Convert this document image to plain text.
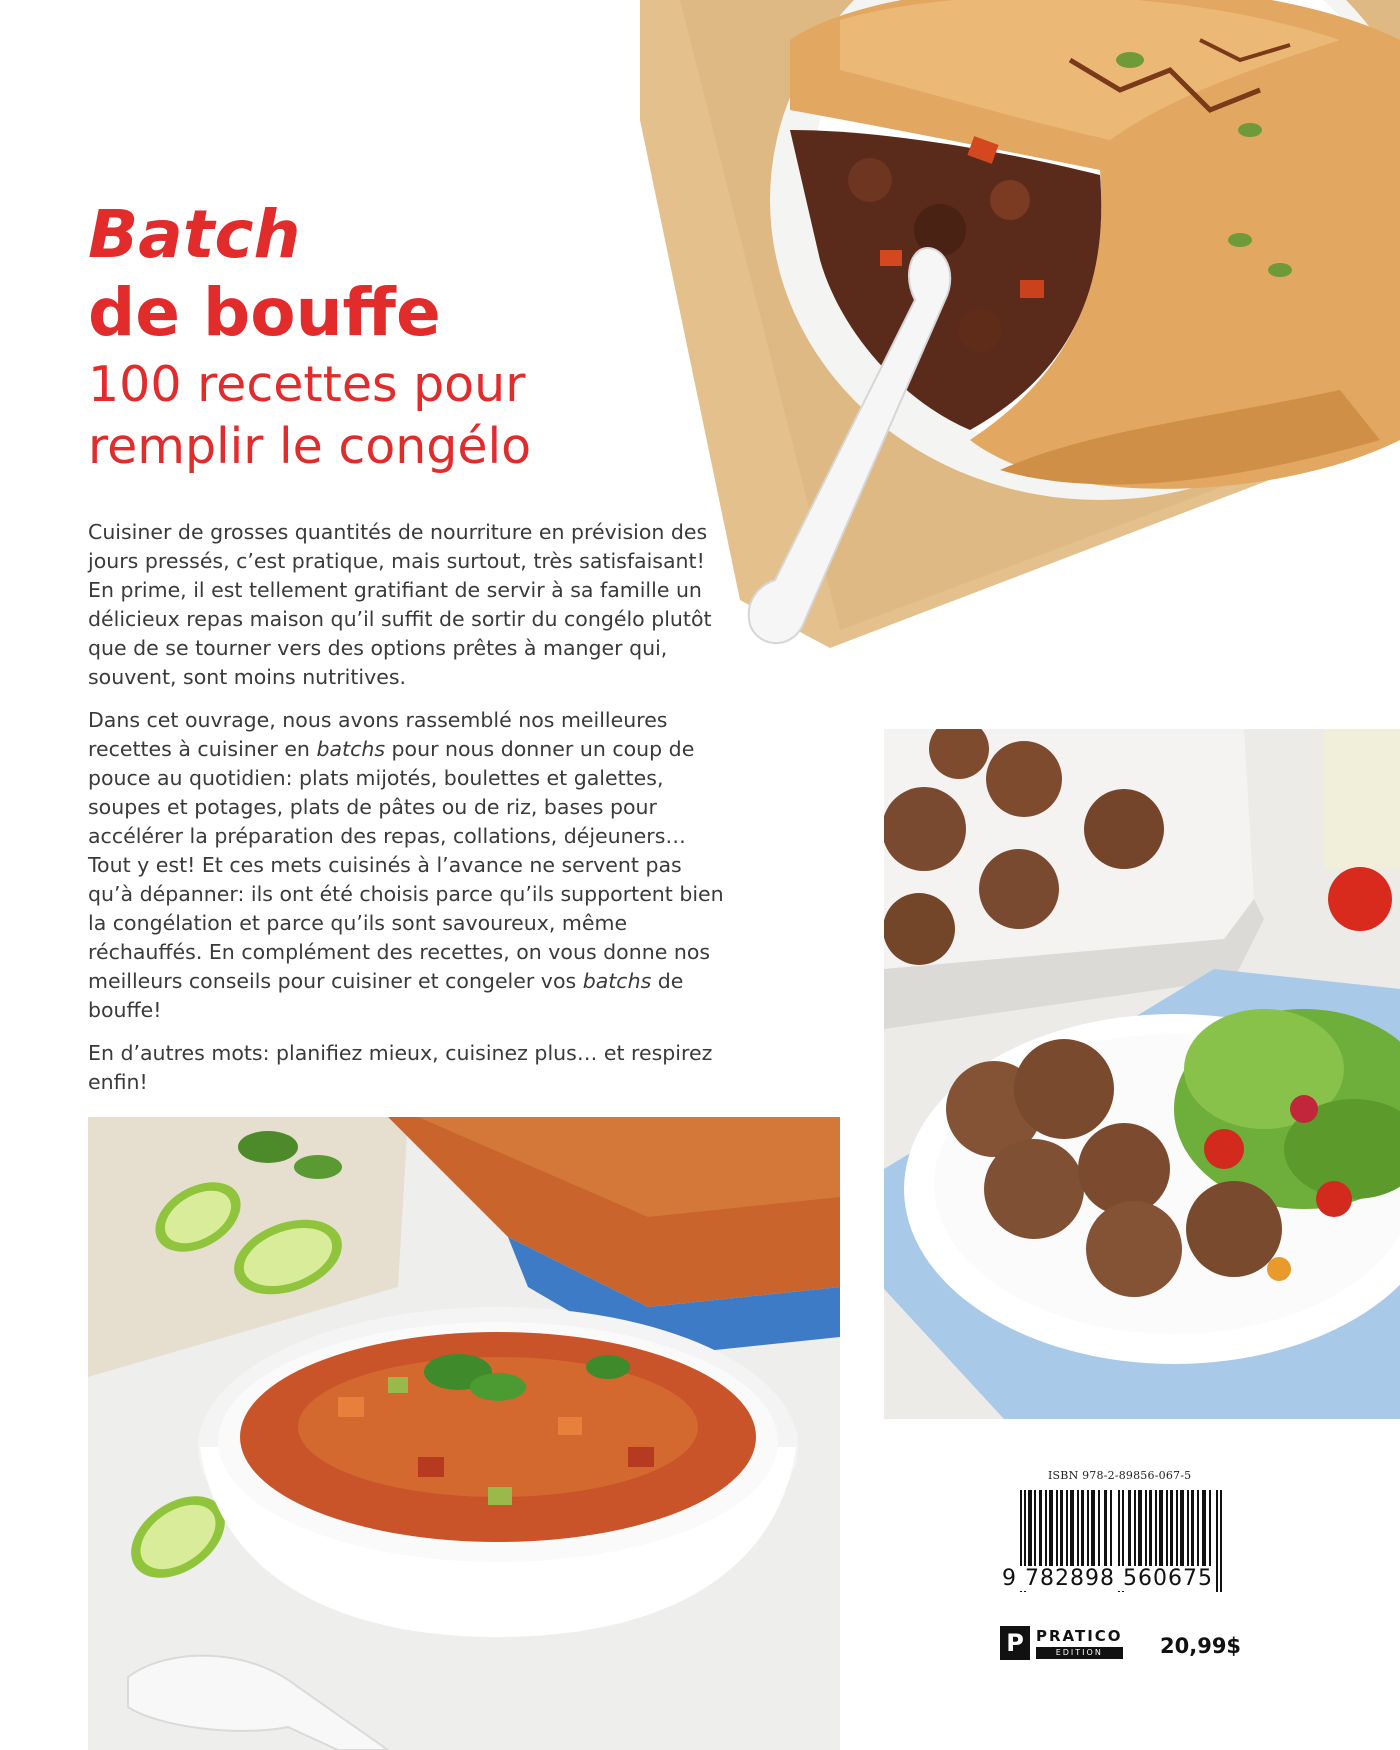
Batch
de bouffe
100 recettes pour remplir le congélo

Cuisiner de grosses quantités de nourriture en prévision des jours pressés, c’est pratique, mais surtout, très satisfaisant! En prime, il est tellement gratifiant de servir à sa famille un délicieux repas maison qu’il suffit de sortir du congélo plutôt que de se tourner vers des options prêtes à manger qui, souvent, sont moins nutritives.

Dans cet ouvrage, nous avons rassemblé nos meilleures recettes à cuisiner en batchs pour nous donner un coup de pouce au quotidien: plats mijotés, boulettes et galettes, soupes et potages, plats de pâtes ou de riz, bases pour accélérer la préparation des repas, collations, déjeuners… Tout y est! Et ces mets cuisinés à l’avance ne servent pas qu’à dépanner: ils ont été choisis parce qu’ils supportent bien la congélation et parce qu’ils sont savoureux, même réchauffés. En complément des recettes, on vous donne nos meilleurs conseils pour cuisiner et congeler vos batchs de bouffe!

En d’autres mots: planifiez mieux, cuisinez plus… et respirez enfin!

ISBN 978-2-89856-067-5
9 782898 560675
P PRATICO
EDITION	20,99$
